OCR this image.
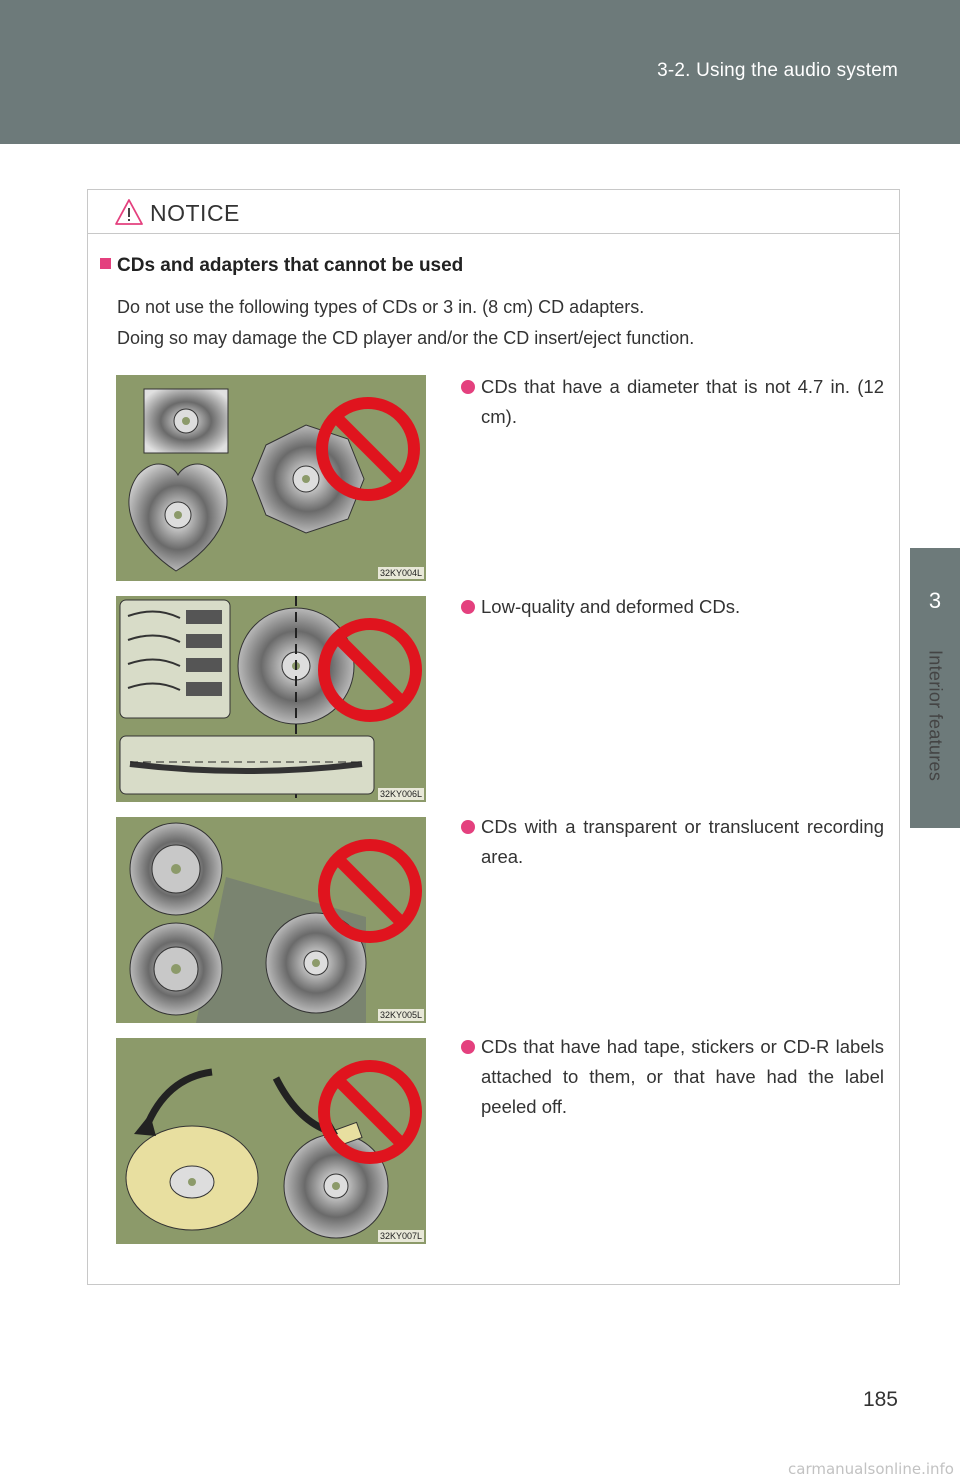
3-2. Using the audio system
3
Interior features
NOTICE
CDs and adapters that cannot be used
Do not use the following types of CDs or 3 in. (8 cm) CD adapters.
Doing so may damage the CD player and/or the CD insert/eject function.
32KY004L
32KY006L
32KY005L
32KY007L
CDs that have a diameter that is not 4.7 in. (12 cm).
Low-quality and deformed CDs.
CDs with a transparent or translucent recording area.
CDs that have had tape, stickers or CD-R labels attached to them, or that have had the label peeled off.
185
carmanualsonline.info
